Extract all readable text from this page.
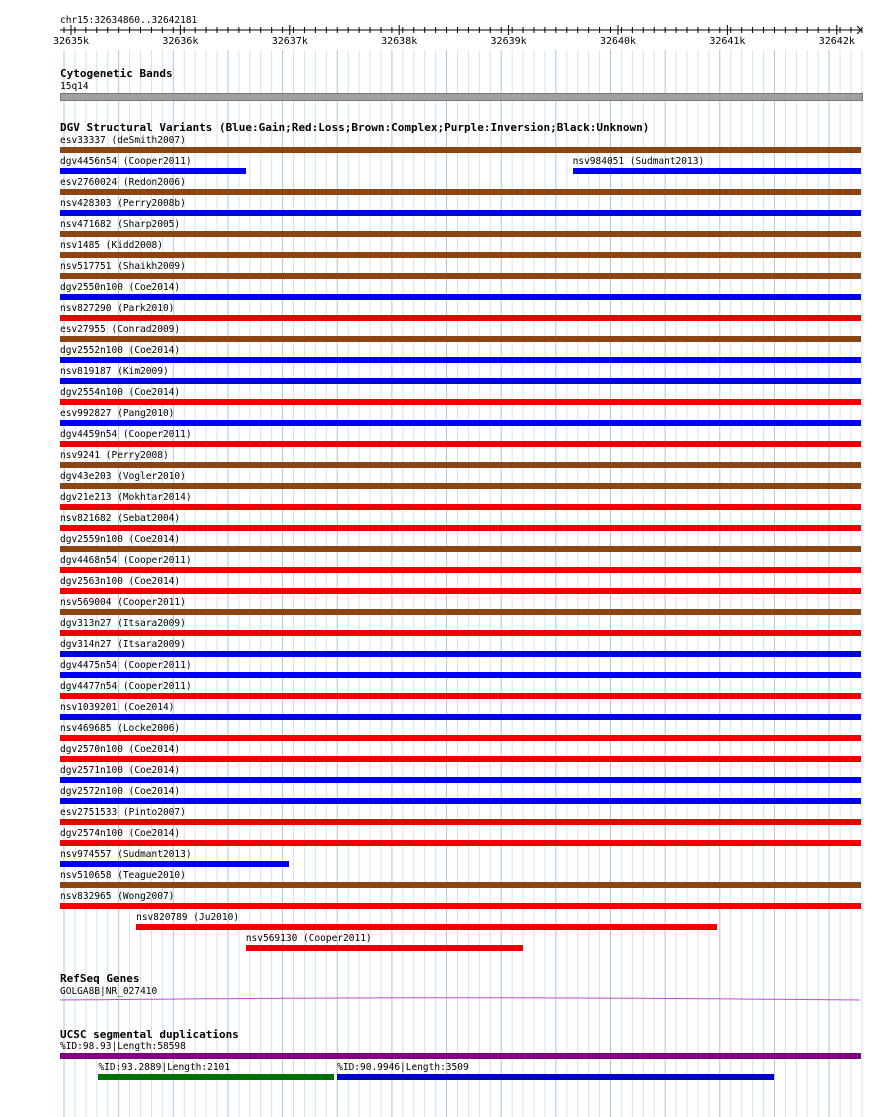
chr15:32634860..32642181
32635k	32636k	32637k	32638k	32639k	32640k	32641k	32642k
Cytogenetic Bands
15q14
DGV Structural Variants (Blue:Gain;Red:Loss;Brown:Complex;Purple:Inversion;Black:Unknown)
esv33337 (deSmith2007)
dgv4456n54 (Cooper2011)	nsv984051 (Sudmant2013)
esv2760024 (Redon2006)
nsv428303 (Perry2008b)
nsv471682 (Sharp2005)
nsv1485 (Kidd2008)
nsv517751 (Shaikh2009)
dgv2550n100 (Coe2014)
nsv827290 (Park2010)
esv27955 (Conrad2009)
dgv2552n100 (Coe2014)
nsv819187 (Kim2009)
dgv2554n100 (Coe2014)
esv992827 (Pang2010)
dgv4459n54 (Cooper2011)
nsv9241 (Perry2008)
dgv43e203 (Vogler2010)
dgv21e213 (Mokhtar2014)
nsv821682 (Sebat2004)
dgv2559n100 (Coe2014)
dgv4468n54 (Cooper2011)
dgv2563n100 (Coe2014)
nsv569004 (Cooper2011)
dgv313n27 (Itsara2009)
dgv314n27 (Itsara2009)
dgv4475n54 (Cooper2011)
dgv4477n54 (Cooper2011)
nsv1039201 (Coe2014)
nsv469685 (Locke2006)
dgv2570n100 (Coe2014)
dgv2571n100 (Coe2014)
dgv2572n100 (Coe2014)
esv2751533 (Pinto2007)
dgv2574n100 (Coe2014)
nsv974557 (Sudmant2013)
nsv510658 (Teague2010)
nsv832965 (Wong2007)
nsv820789 (Ju2010)
nsv569130 (Cooper2011)
RefSeq Genes
GOLGA8B|NR_027410
UCSC segmental duplications
%ID:98.93|Length:58598
%ID:93.2889|Length:2101	%ID:90.9946|Length:3509
